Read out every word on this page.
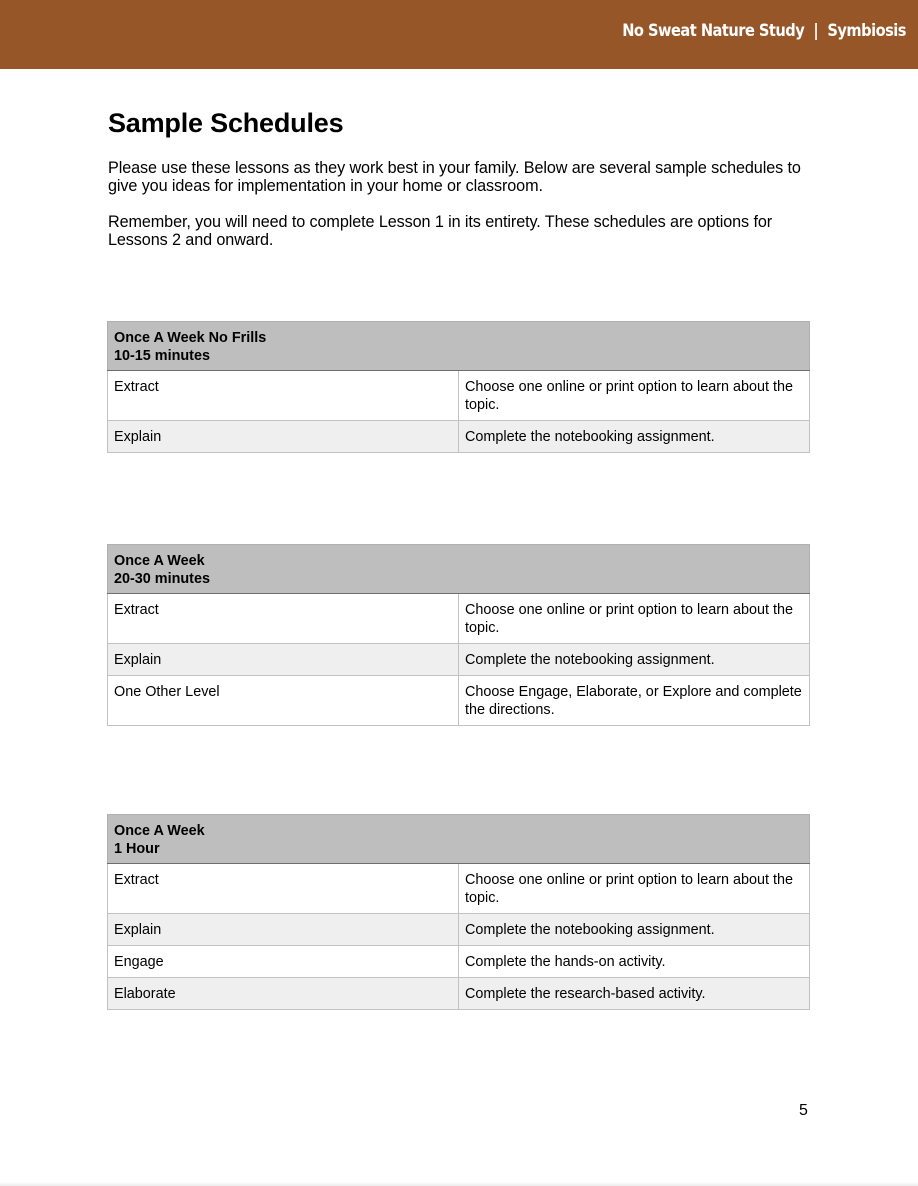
No Sweat Nature Study  |  Symbiosis
Sample Schedules

Please use these lessons as they work best in your family. Below are several sample schedules to give you ideas for implementation in your home or classroom.

Remember, you will need to complete Lesson 1 in its entirety. These schedules are options for Lessons 2 and onward.

Once A Week No Frills
10-15 minutes	

Extract	Choose one online or print option to learn about the topic.
Explain	Complete the notebooking assignment.
Once A Week
20-30 minutes	

Extract	Choose one online or print option to learn about the topic.
Explain	Complete the notebooking assignment.
One Other Level	Choose Engage, Elaborate, or Explore and complete the directions.
Once A Week
1 Hour	

Extract	Choose one online or print option to learn about the topic.
Explain	Complete the notebooking assignment.
Engage	Complete the hands-on activity.
Elaborate	Complete the research-based activity.
5
